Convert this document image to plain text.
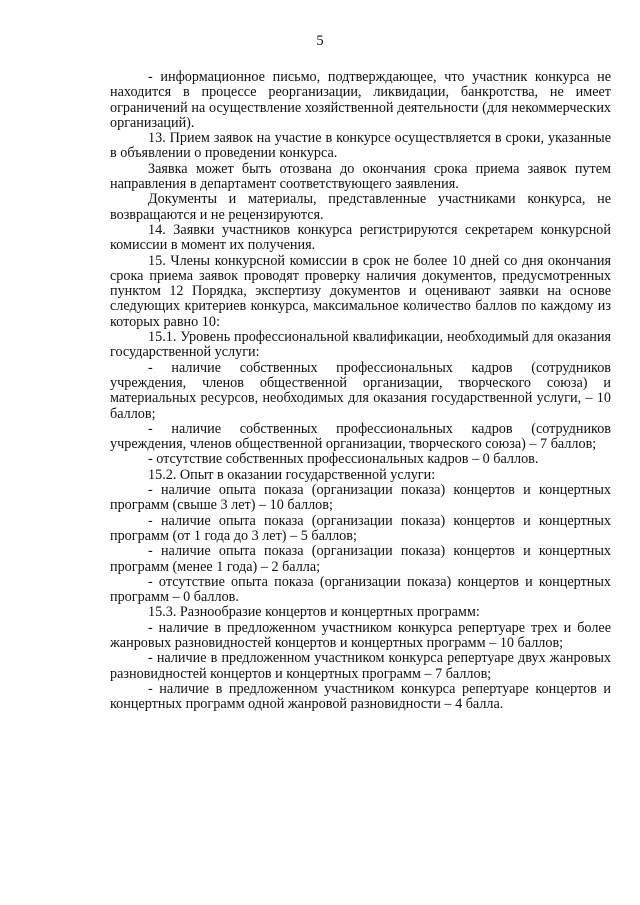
5

- информационное письмо, подтверждающее, что участник конкурса не находится в процессе реорганизации, ликвидации, банкротства, не имеет ограничений на осуществление хозяйственной деятельности (для некоммерческих организаций).

13. Прием заявок на участие в конкурсе осуществляется в сроки, указанные в объявлении о проведении конкурса.

Заявка может быть отозвана до окончания срока приема заявок путем направления в департамент соответствующего заявления.

Документы и материалы, представленные участниками конкурса, не возвращаются и не рецензируются.

14. Заявки участников конкурса регистрируются секретарем конкурсной комиссии в момент их получения.

15. Члены конкурсной комиссии в срок не более 10 дней со дня окончания срока приема заявок проводят проверку наличия документов, предусмотренных пунктом 12 Порядка, экспертизу документов и оценивают заявки на основе следующих критериев конкурса, максимальное количество баллов по каждому из которых равно 10:

15.1. Уровень профессиональной квалификации, необходимый для оказания государственной услуги:

- наличие собственных профессиональных кадров (сотрудников учреждения, членов общественной организации, творческого союза) и материальных ресурсов, необходимых для оказания государственной услуги, – 10 баллов;

- наличие собственных профессиональных кадров (сотрудников учреждения, членов общественной организации, творческого союза) – 7 баллов;

- отсутствие собственных профессиональных кадров – 0 баллов.

15.2. Опыт в оказании государственной услуги:

- наличие опыта показа (организации показа) концертов и концертных программ (свыше 3 лет) – 10 баллов;

- наличие опыта показа (организации показа) концертов и концертных программ (от 1 года до 3 лет) – 5 баллов;

- наличие опыта показа (организации показа) концертов и концертных программ (менее 1 года) – 2 балла;

- отсутствие опыта показа (организации показа) концертов и концертных программ – 0 баллов.

15.3. Разнообразие концертов и концертных программ:

- наличие в предложенном участником конкурса репертуаре трех и более жанровых разновидностей концертов и концертных программ – 10 баллов;

- наличие в предложенном участником конкурса репертуаре двух жанровых разновидностей концертов и концертных программ – 7 баллов;

- наличие в предложенном участником конкурса репертуаре концертов и концертных программ одной жанровой разновидности – 4 балла.
